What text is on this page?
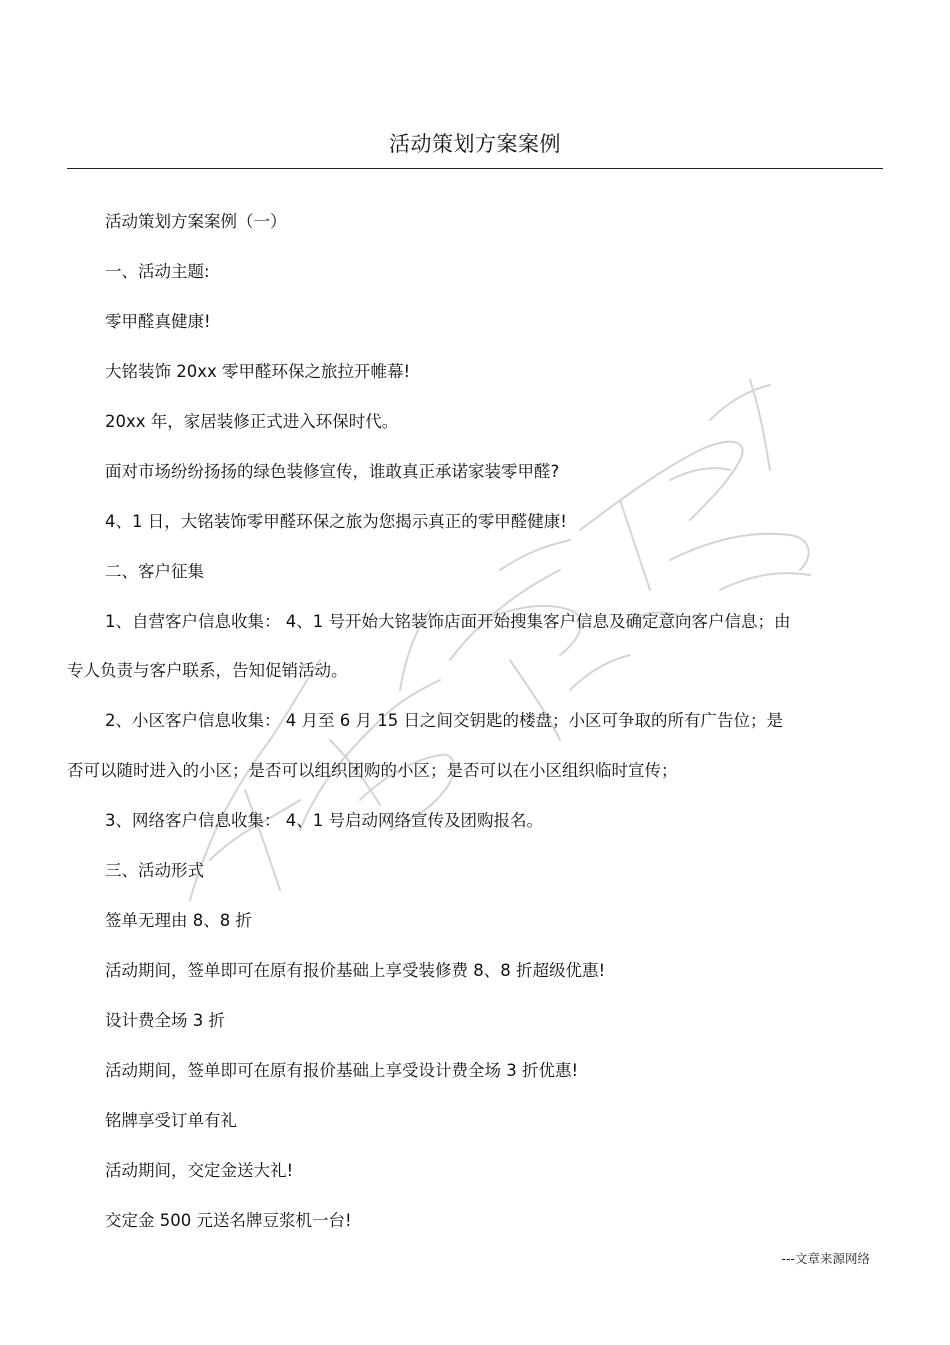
活动策划方案案例
活动策划方案案例（一）
一、活动主题:
零甲醛真健康!
大铭装饰 20xx 零甲醛环保之旅拉开帷幕!
20xx 年，家居装修正式进入环保时代。
面对市场纷纷扬扬的绿色装修宣传，谁敢真正承诺家装零甲醛?
4、1 日，大铭装饰零甲醛环保之旅为您揭示真正的零甲醛健康!
二、客户征集
1、自营客户信息收集： 4、1 号开始大铭装饰店面开始搜集客户信息及确定意向客户信息；由
专人负责与客户联系，告知促销活动。
2、小区客户信息收集： 4 月至 6 月 15 日之间交钥匙的楼盘；小区可争取的所有广告位；是
否可以随时进入的小区；是否可以组织团购的小区；是否可以在小区组织临时宣传；
3、网络客户信息收集： 4、1 号启动网络宣传及团购报名。
三、活动形式
签单无理由 8、8 折
活动期间，签单即可在原有报价基础上享受装修费 8、8 折超级优惠!
设计费全场 3 折
活动期间，签单即可在原有报价基础上享受设计费全场 3 折优惠!
铭牌享受订单有礼
活动期间，交定金送大礼!
交定金 500 元送名牌豆浆机一台!
---文章来源网络
